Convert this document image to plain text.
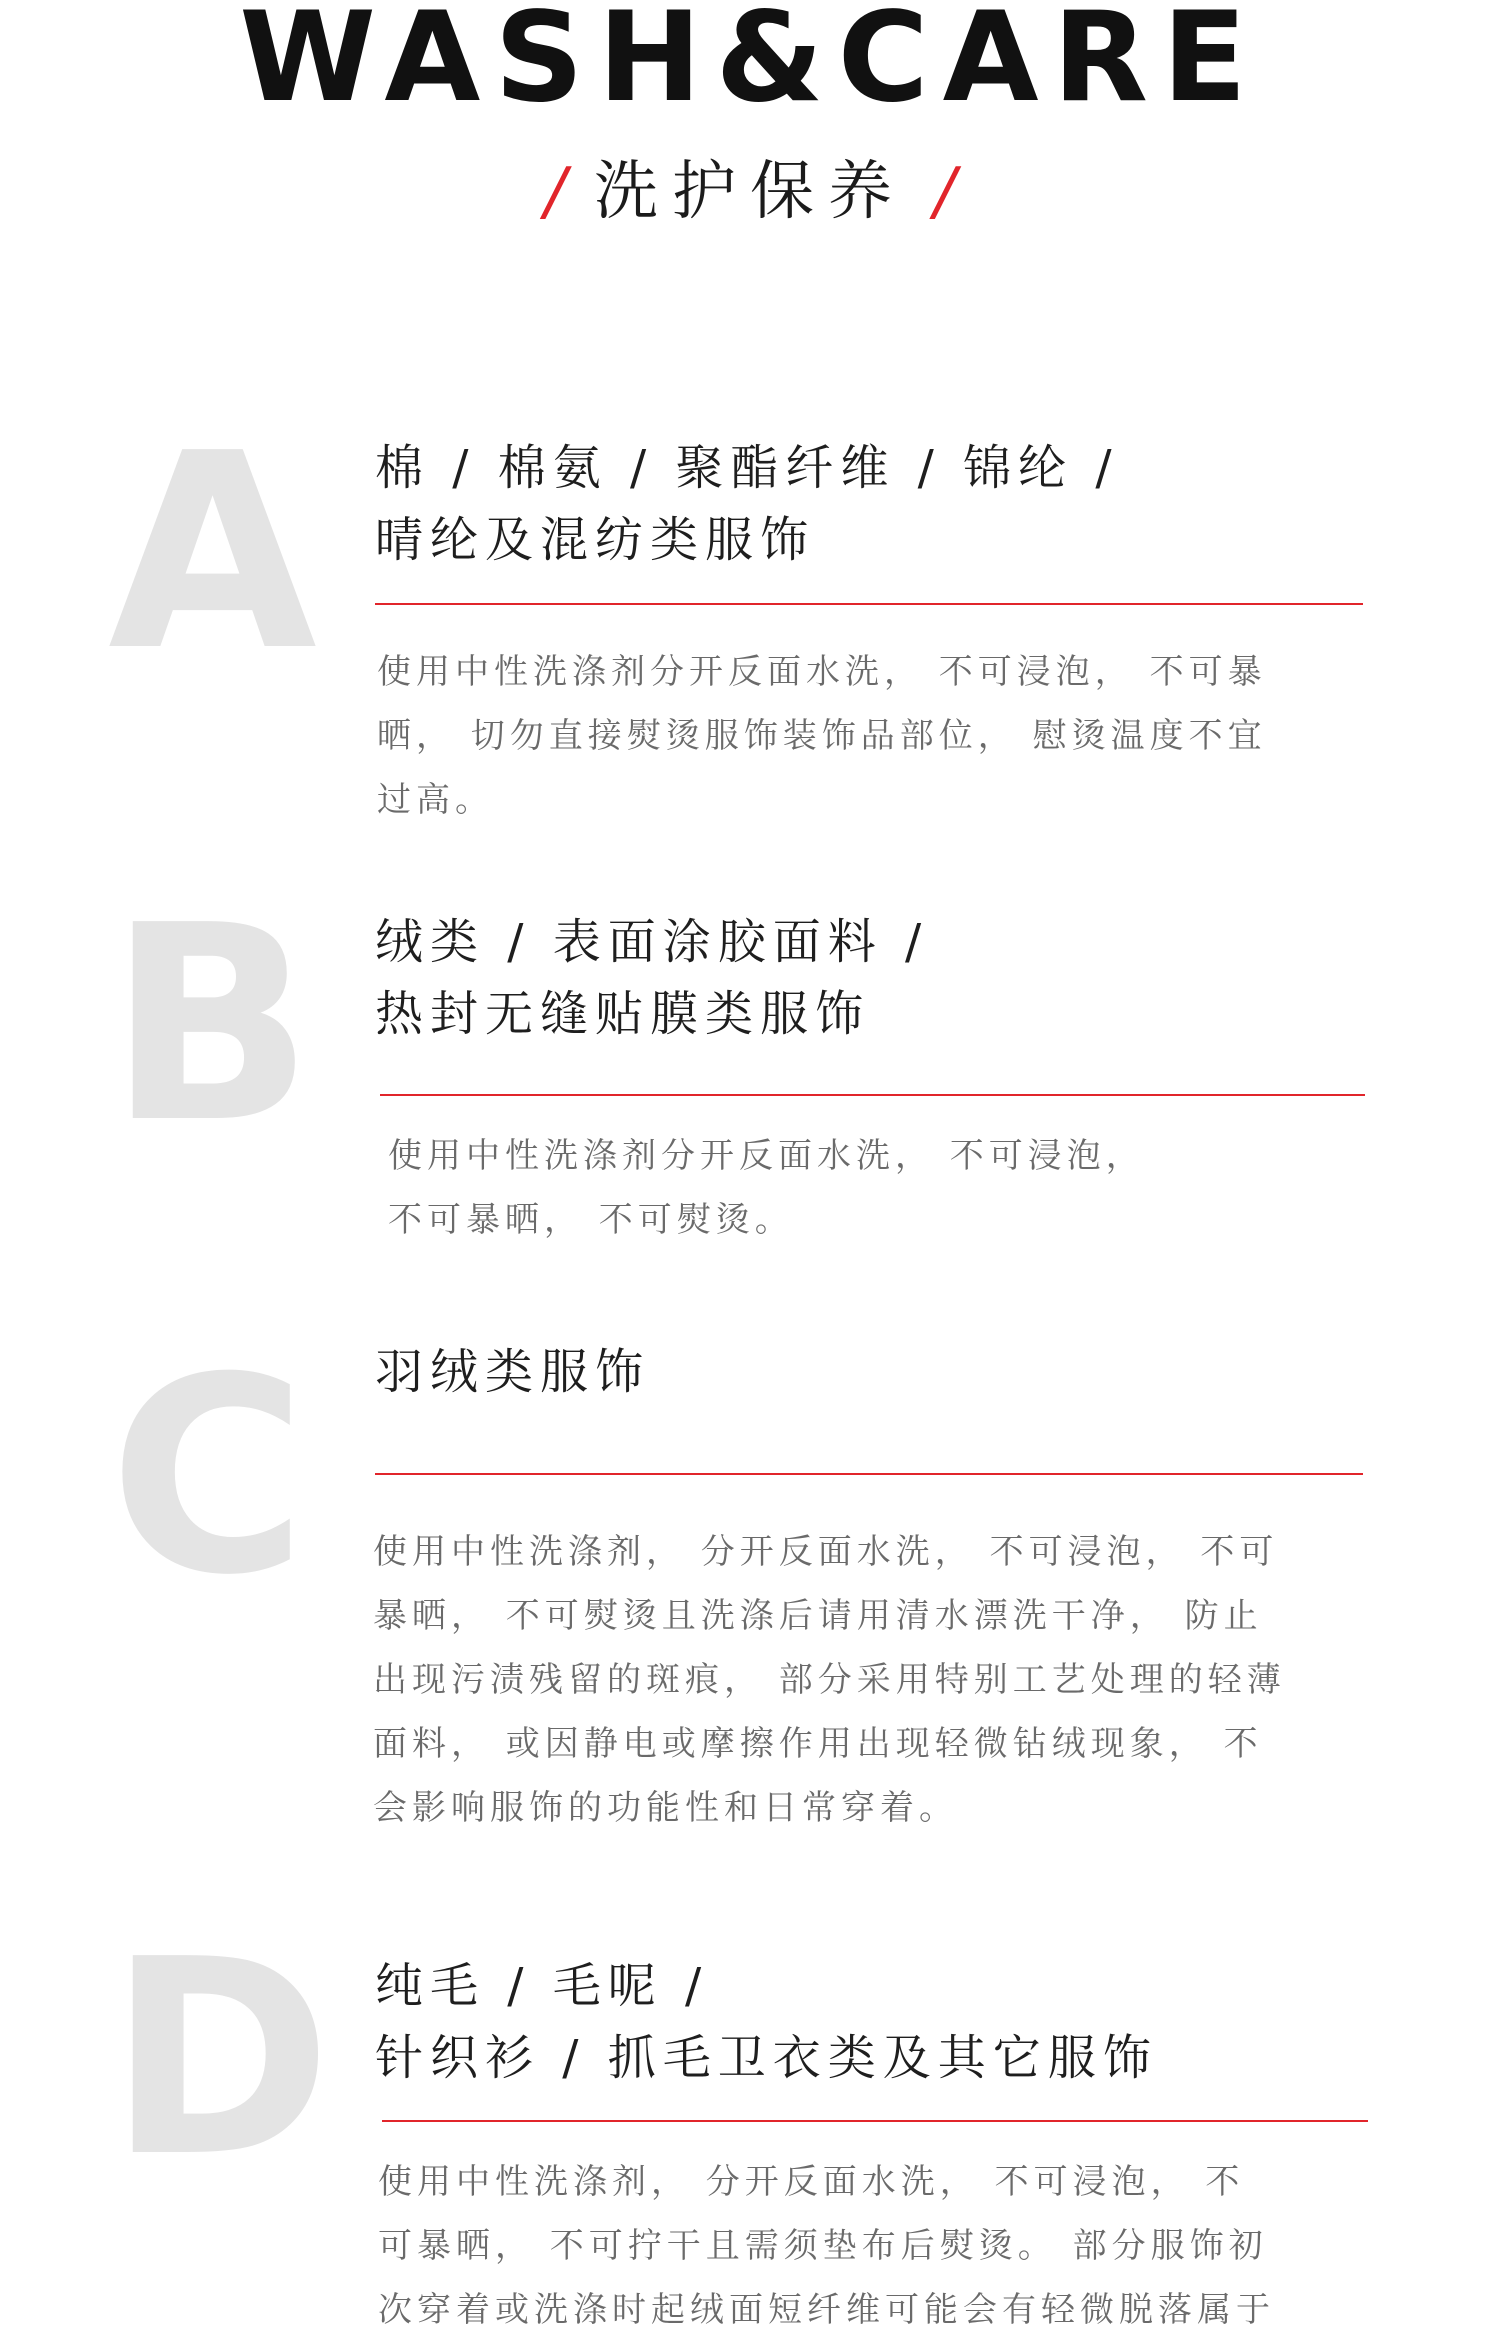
WASH&CARE
/ 洗护保养 /
A 棉 / 棉氨 / 聚酯纤维 / 锦纶 /
晴纶及混纺类服饰

使用中性洗涤剂分开反面水洗， 不可浸泡， 不可暴
晒， 切勿直接熨烫服饰装饰品部位， 慰烫温度不宜
过高。

B 绒类 / 表面涂胶面料 /
热封无缝贴膜类服饰

使用中性洗涤剂分开反面水洗， 不可浸泡，
不可暴晒， 不可熨烫。

C 羽绒类服饰

使用中性洗涤剂， 分开反面水洗， 不可浸泡， 不可
暴晒， 不可熨烫且洗涤后请用清水漂洗干净， 防止
出现污渍残留的斑痕， 部分采用特别工艺处理的轻薄
面料， 或因静电或摩擦作用出现轻微钻绒现象， 不
会影响服饰的功能性和日常穿着。

D 纯毛 / 毛呢 /
针织衫 / 抓毛卫衣类及其它服饰

使用中性洗涤剂， 分开反面水洗， 不可浸泡， 不
可暴晒， 不可拧干且需须垫布后熨烫。 部分服饰初
次穿着或洗涤时起绒面短纤维可能会有轻微脱落属于
